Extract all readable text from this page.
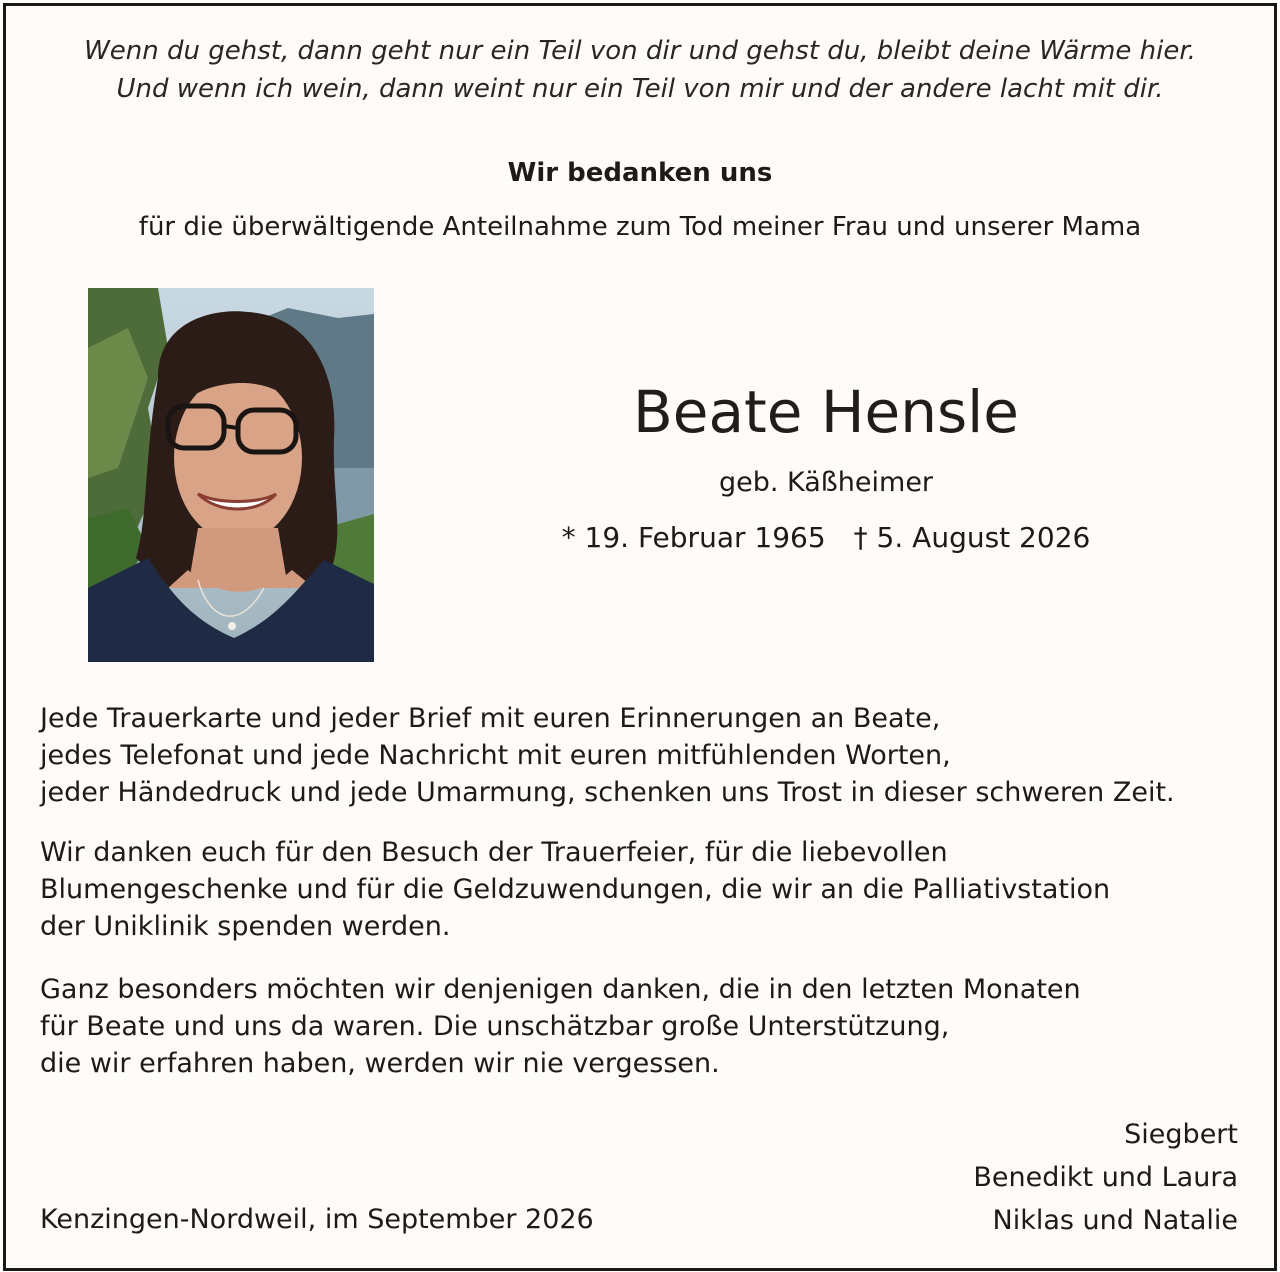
Wenn du gehst, dann geht nur ein Teil von dir und gehst du, bleibt deine Wärme hier.
Und wenn ich wein, dann weint nur ein Teil von mir und der andere lacht mit dir.
Wir bedanken uns
für die überwältigende Anteilnahme zum Tod meiner Frau und unserer Mama
Beate Hensle
geb. Käßheimer
* 19. Februar 1965 † 5. August 2026
Jede Trauerkarte und jeder Brief mit euren Erinnerungen an Beate,
jedes Telefonat und jede Nachricht mit euren mitfühlenden Worten,
jeder Händedruck und jede Umarmung, schenken uns Trost in dieser schweren Zeit.
Wir danken euch für den Besuch der Trauerfeier, für die liebevollen
Blumengeschenke und für die Geldzuwendungen, die wir an die Palliativstation
der Uniklinik spenden werden.
Ganz besonders möchten wir denjenigen danken, die in den letzten Monaten
für Beate und uns da waren. Die unschätzbar große Unterstützung,
die wir erfahren haben, werden wir nie vergessen.
Kenzingen-Nordweil, im September 2026
Siegbert
Benedikt und Laura
Niklas und Natalie
